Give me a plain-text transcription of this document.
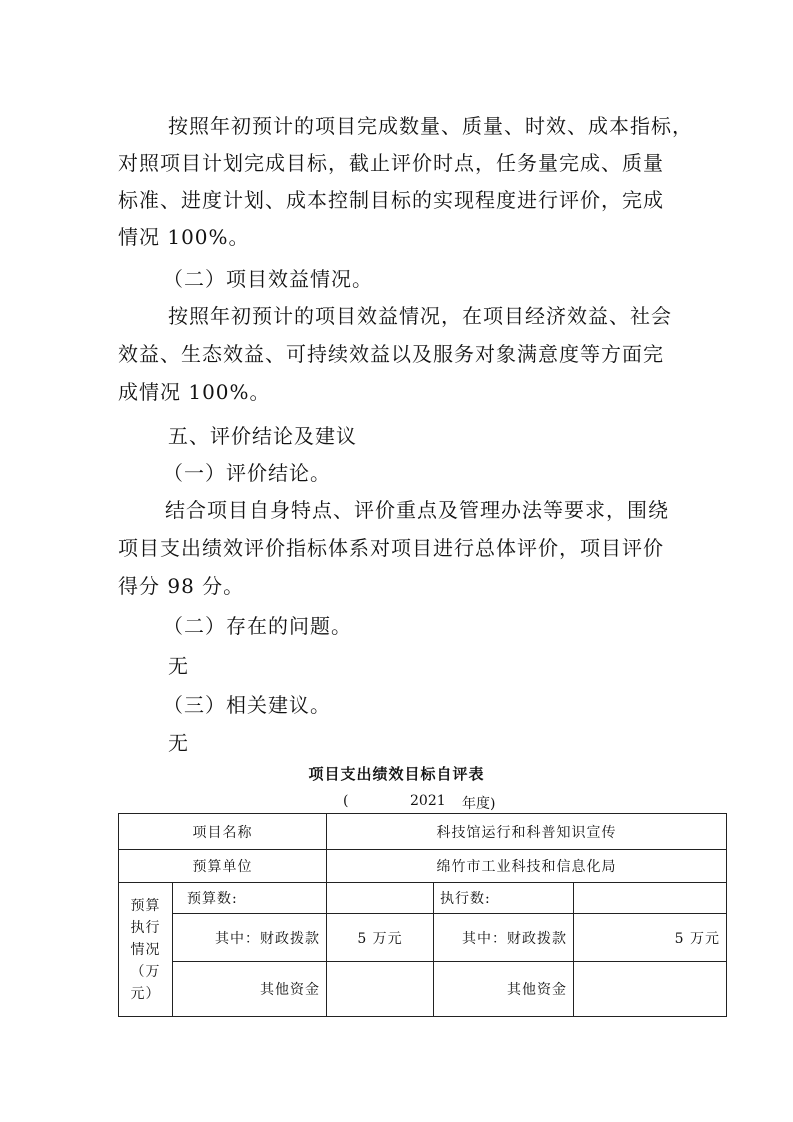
按照年初预计的项目完成数量、质量、时效、成本指标，
对照项目计划完成目标，截止评价时点，任务量完成、质量
标准、进度计划、成本控制目标的实现程度进行评价，完成
情况 100%。
（二）项目效益情况。
按照年初预计的项目效益情况，在项目经济效益、社会
效益、生态效益、可持续效益以及服务对象满意度等方面完
成情况 100%。
五、评价结论及建议
（一）评价结论。
结合项目自身特点、评价重点及管理办法等要求，围绕
项目支出绩效评价指标体系对项目进行总体评价，项目评价
得分 98 分。
（二）存在的问题。
无
（三）相关建议。
无
项目支出绩效目标自评表
(	2021 年度)
项目名称		科技馆运行和科普知识宣传		
预算单位		绵竹市工业科技和信息化局		

预算
执行
情况
（万
元）	预算数:		执行数:	
	其中：财政拨款	5 万元	其中：财政拨款	5 万元
	其他资金		其他资金	
